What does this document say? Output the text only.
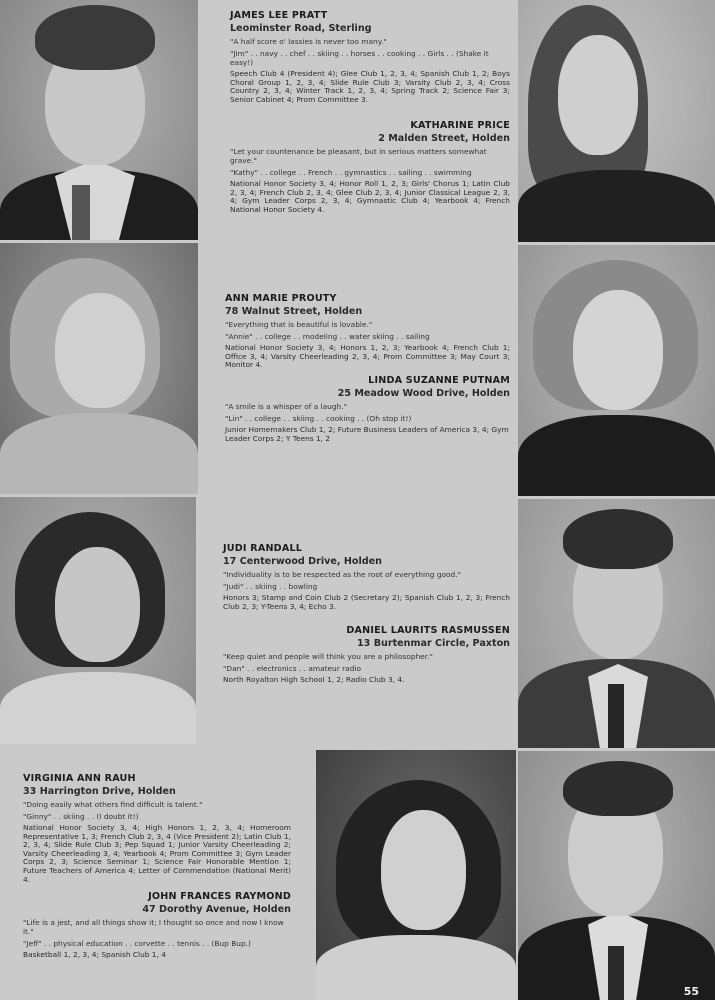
JAMES LEE PRATT
Leominster Road, Sterling
"A half score o' lassies is never too many."
"Jim" . . navy . . chef . . skiing . . horses . . cooking . . Girls . . (Shake it easy!)
Speech Club 4 (President 4); Glee Club 1, 2, 3, 4; Spanish Club 1, 2; Boys Choral Group 1, 2, 3, 4; Slide Rule Club 3; Varsity Club 2, 3, 4; Cross Country 2, 3, 4; Winter Track 1, 2, 3, 4; Spring Track 2; Science Fair 3; Senior Cabinet 4; Prom Committee 3.
KATHARINE PRICE
2 Malden Street, Holden
"Let your countenance be pleasant, but in serious matters somewhat grave."
"Kathy" . . college . . French . . gymnastics . . sailing . . swimming
National Honor Society 3, 4; Honor Roll 1, 2, 3; Girls' Chorus 1; Latin Club 2, 3, 4; French Club 2, 3, 4; Glee Club 2, 3, 4; Junior Classical League 2, 3, 4; Gym Leader Corps 2, 3, 4; Gymnastic Club 4; Yearbook 4; French National Honor Society 4.
ANN MARIE PROUTY
78 Walnut Street, Holden
"Everything that is beautiful is lovable."
"Annie" . . college . . modeling . . water skiing . . sailing
National Honor Society 3, 4; Honors 1, 2, 3; Yearbook 4; French Club 1; Office 3, 4; Varsity Cheerleading 2, 3, 4; Prom Committee 3; May Court 3; Monitor 4.
LINDA SUZANNE PUTNAM
25 Meadow Wood Drive, Holden
"A smile is a whisper of a laugh."
"Lin" . . college . . skiing . . cooking . . (Oh stop it!)
Junior Homemakers Club 1, 2; Future Business Leaders of America 3, 4; Gym Leader Corps 2; Y Teens 1, 2
JUDI RANDALL
17 Centerwood Drive, Holden
"Individuality is to be respected as the root of everything good."
"Judi" . . skiing . . bowling
Honors 3; Stamp and Coin Club 2 (Secretary 2); Spanish Club 1, 2, 3; French Club 2, 3; Y-Teens 3, 4; Echo 3.
DANIEL LAURITS RASMUSSEN
13 Burtenmar Circle, Paxton
"Keep quiet and people will think you are a philosopher."
"Dan" . . electronics . . amateur radio
North Royalton High School 1, 2; Radio Club 3, 4.
VIRGINIA ANN RAUH
33 Harrington Drive, Holden
"Doing easily what others find difficult is talent."
"Ginny" . . skiing . . (I doubt it!)
National Honor Society 3, 4; High Honors 1, 2, 3, 4; Homeroom Representative 1, 3; French Club 2, 3, 4 (Vice President 2); Latin Club 1, 2, 3, 4; Slide Rule Club 3; Pep Squad 1; Junior Varsity Cheerleading 2; Varsity Cheerleading 3, 4; Yearbook 4; Prom Committee 3; Gym Leader Corps 2, 3; Science Seminar 1; Science Fair Honorable Mention 1; Future Teachers of America 4; Letter of Commendation (National Merit) 4.
JOHN FRANCES RAYMOND
47 Dorothy Avenue, Holden
"Life is a jest, and all things show it; I thought so once and now I know it."
"Jeff" . . physical education . . corvette . . tennis . . (Bup Bup.)
Basketball 1, 2, 3, 4; Spanish Club 1, 4
55
